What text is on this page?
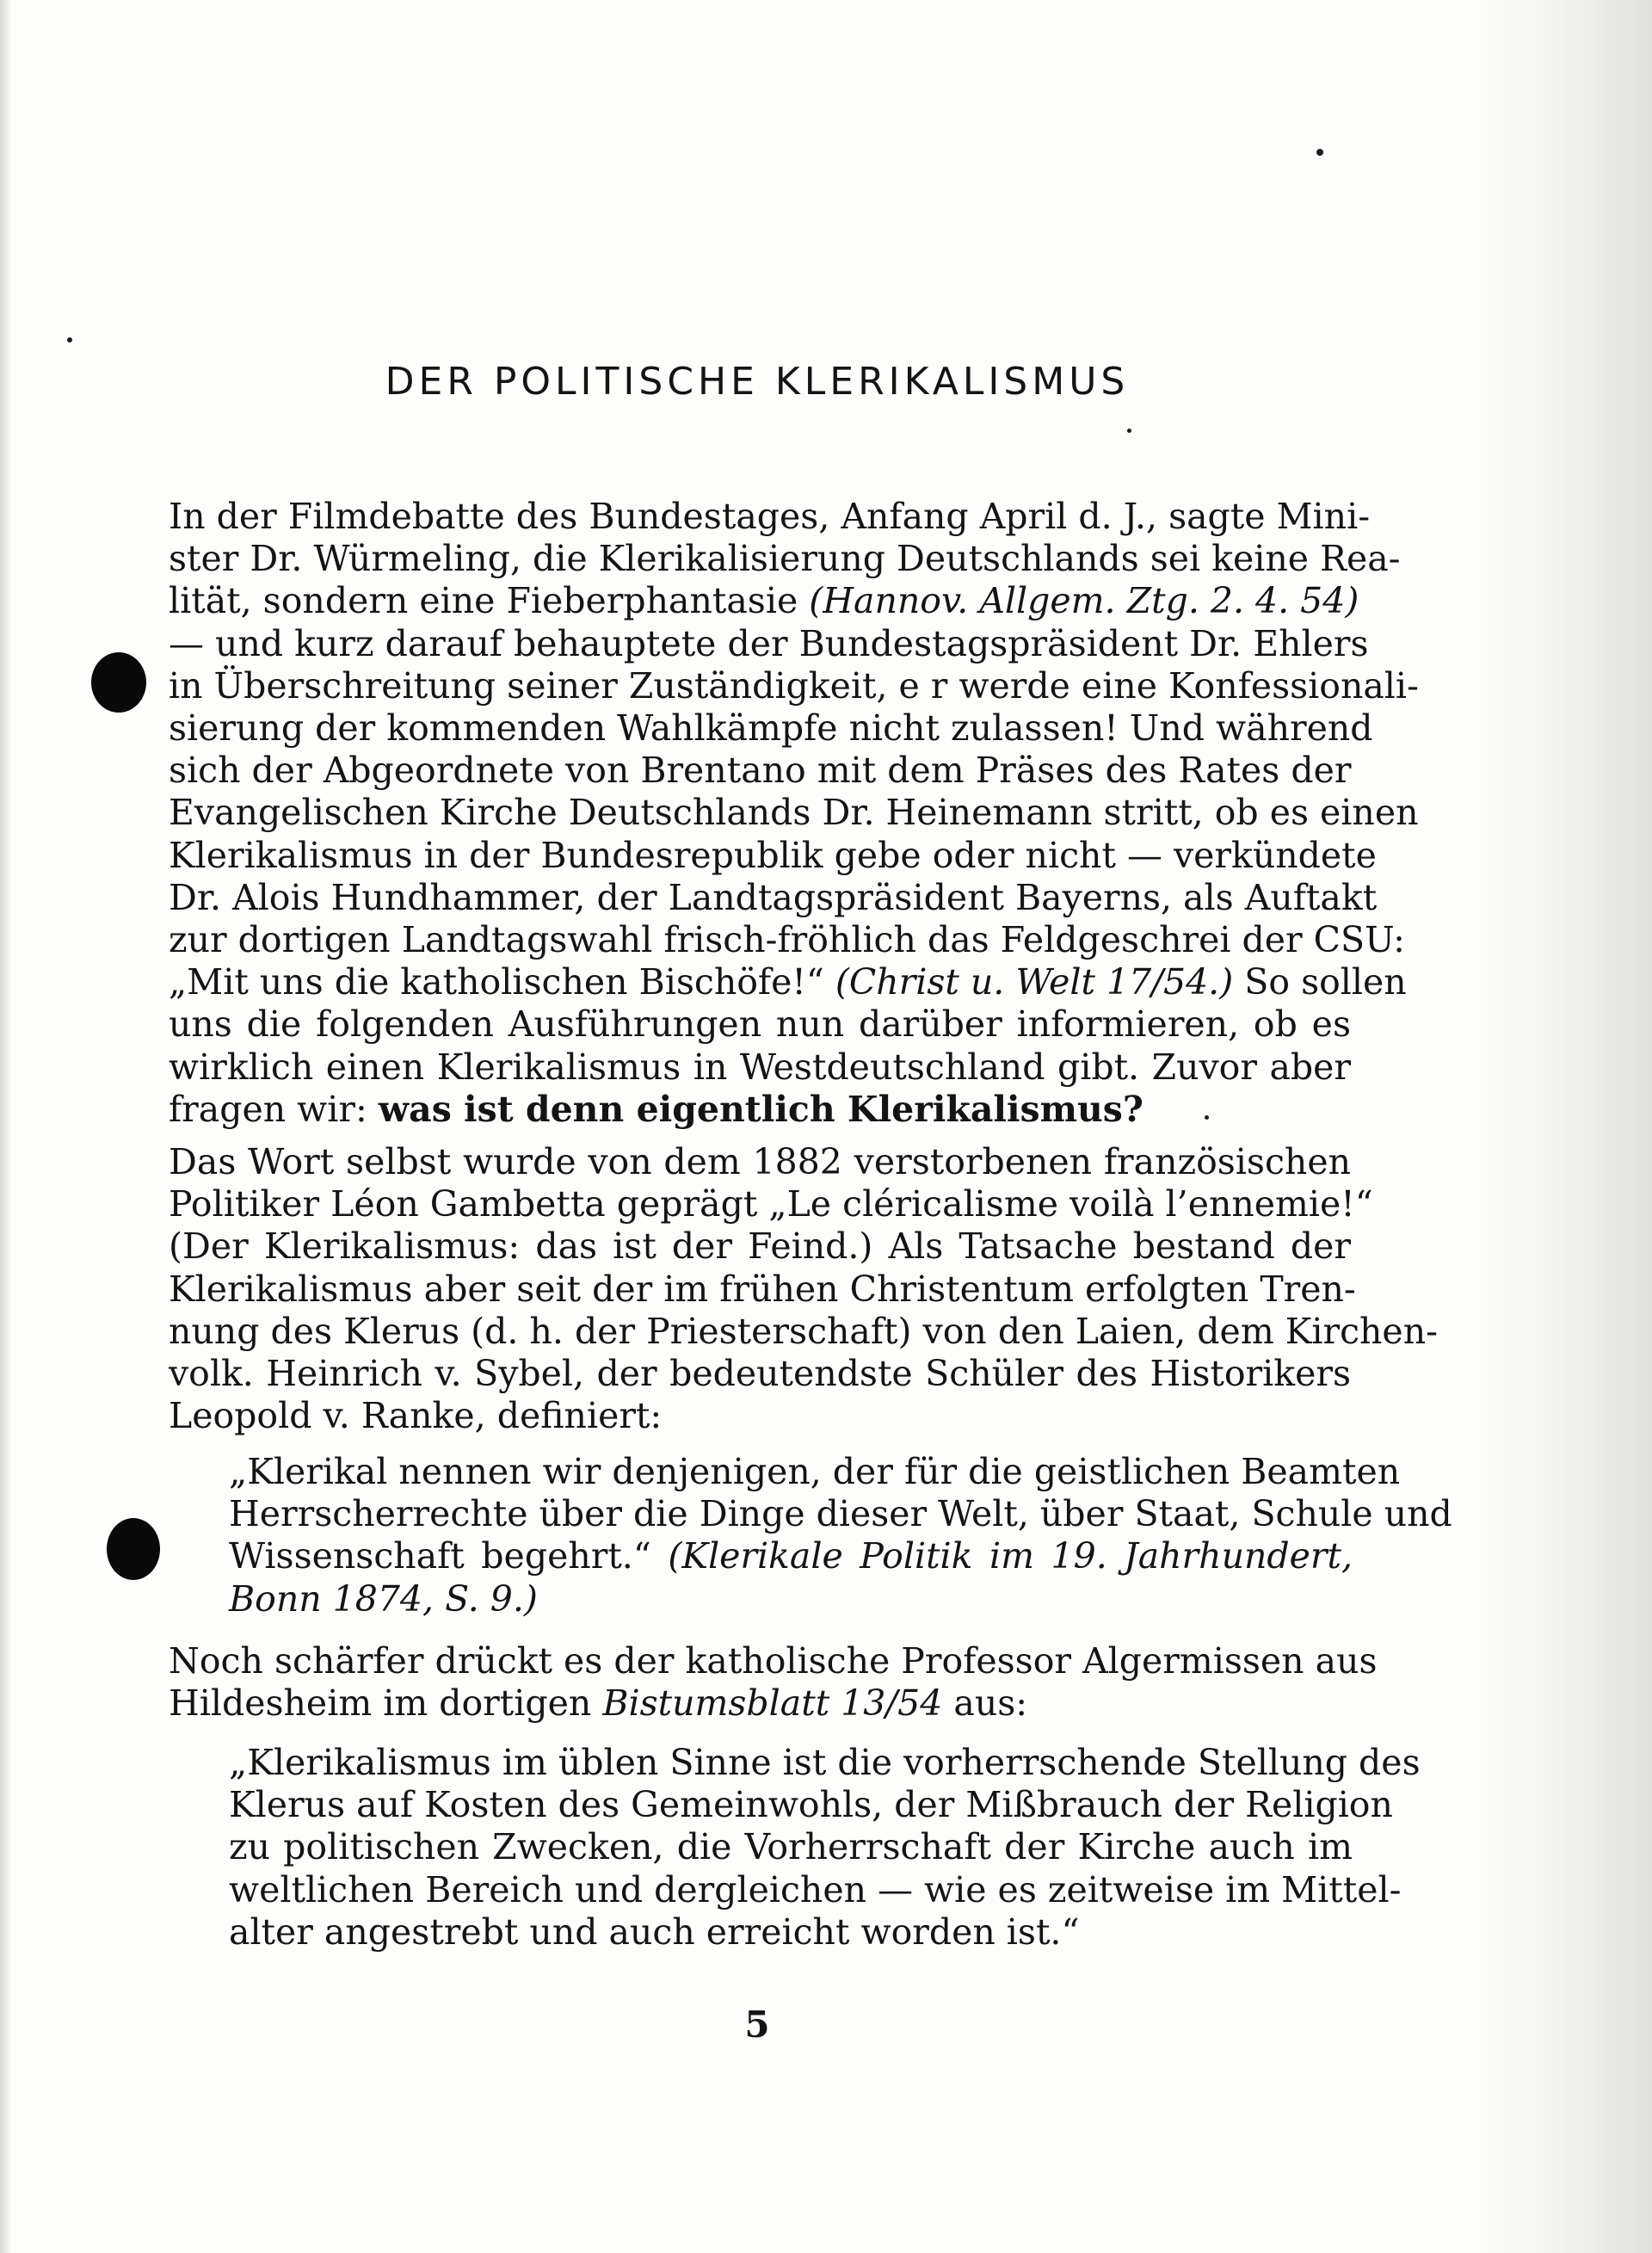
DER POLITISCHE KLERIKALISMUS
In der Filmdebatte des Bundestages, Anfang April d. J., sagte Mini-
ster Dr. Würmeling, die Klerikalisierung Deutschlands sei keine Rea-
lität, sondern eine Fieberphantasie (Hannov. Allgem. Ztg. 2. 4. 54)
— und kurz darauf behauptete der Bundestagspräsident Dr. Ehlers
in Überschreitung seiner Zuständigkeit, e r werde eine Konfessionali-
sierung der kommenden Wahlkämpfe nicht zulassen! Und während
sich der Abgeordnete von Brentano mit dem Präses des Rates der
Evangelischen Kirche Deutschlands Dr. Heinemann stritt, ob es einen
Klerikalismus in der Bundesrepublik gebe oder nicht — verkündete
Dr. Alois Hundhammer, der Landtagspräsident Bayerns, als Auftakt
zur dortigen Landtagswahl frisch-fröhlich das Feldgeschrei der CSU:
„Mit uns die katholischen Bischöfe!“ (Christ u. Welt 17/54.) So sollen
uns die folgenden Ausführungen nun darüber informieren, ob es
wirklich einen Klerikalismus in Westdeutschland gibt. Zuvor aber
fragen wir: was ist denn eigentlich Klerikalismus?
Das Wort selbst wurde von dem 1882 verstorbenen französischen
Politiker Léon Gambetta geprägt „Le cléricalisme voilà l’ennemie!“
(Der Klerikalismus: das ist der Feind.) Als Tatsache bestand der
Klerikalismus aber seit der im frühen Christentum erfolgten Tren-
nung des Klerus (d. h. der Priesterschaft) von den Laien, dem Kirchen-
volk. Heinrich v. Sybel, der bedeutendste Schüler des Historikers
Leopold v. Ranke, definiert:
„Klerikal nennen wir denjenigen, der für die geistlichen Beamten
Herrscherrechte über die Dinge dieser Welt, über Staat, Schule und
Wissenschaft begehrt.“ (Klerikale Politik im 19. Jahrhundert,
Bonn 1874, S. 9.)
Noch schärfer drückt es der katholische Professor Algermissen aus
Hildesheim im dortigen Bistumsblatt 13/54 aus:
„Klerikalismus im üblen Sinne ist die vorherrschende Stellung des
Klerus auf Kosten des Gemeinwohls, der Mißbrauch der Religion
zu politischen Zwecken, die Vorherrschaft der Kirche auch im
weltlichen Bereich und dergleichen — wie es zeitweise im Mittel-
alter angestrebt und auch erreicht worden ist.“
5
